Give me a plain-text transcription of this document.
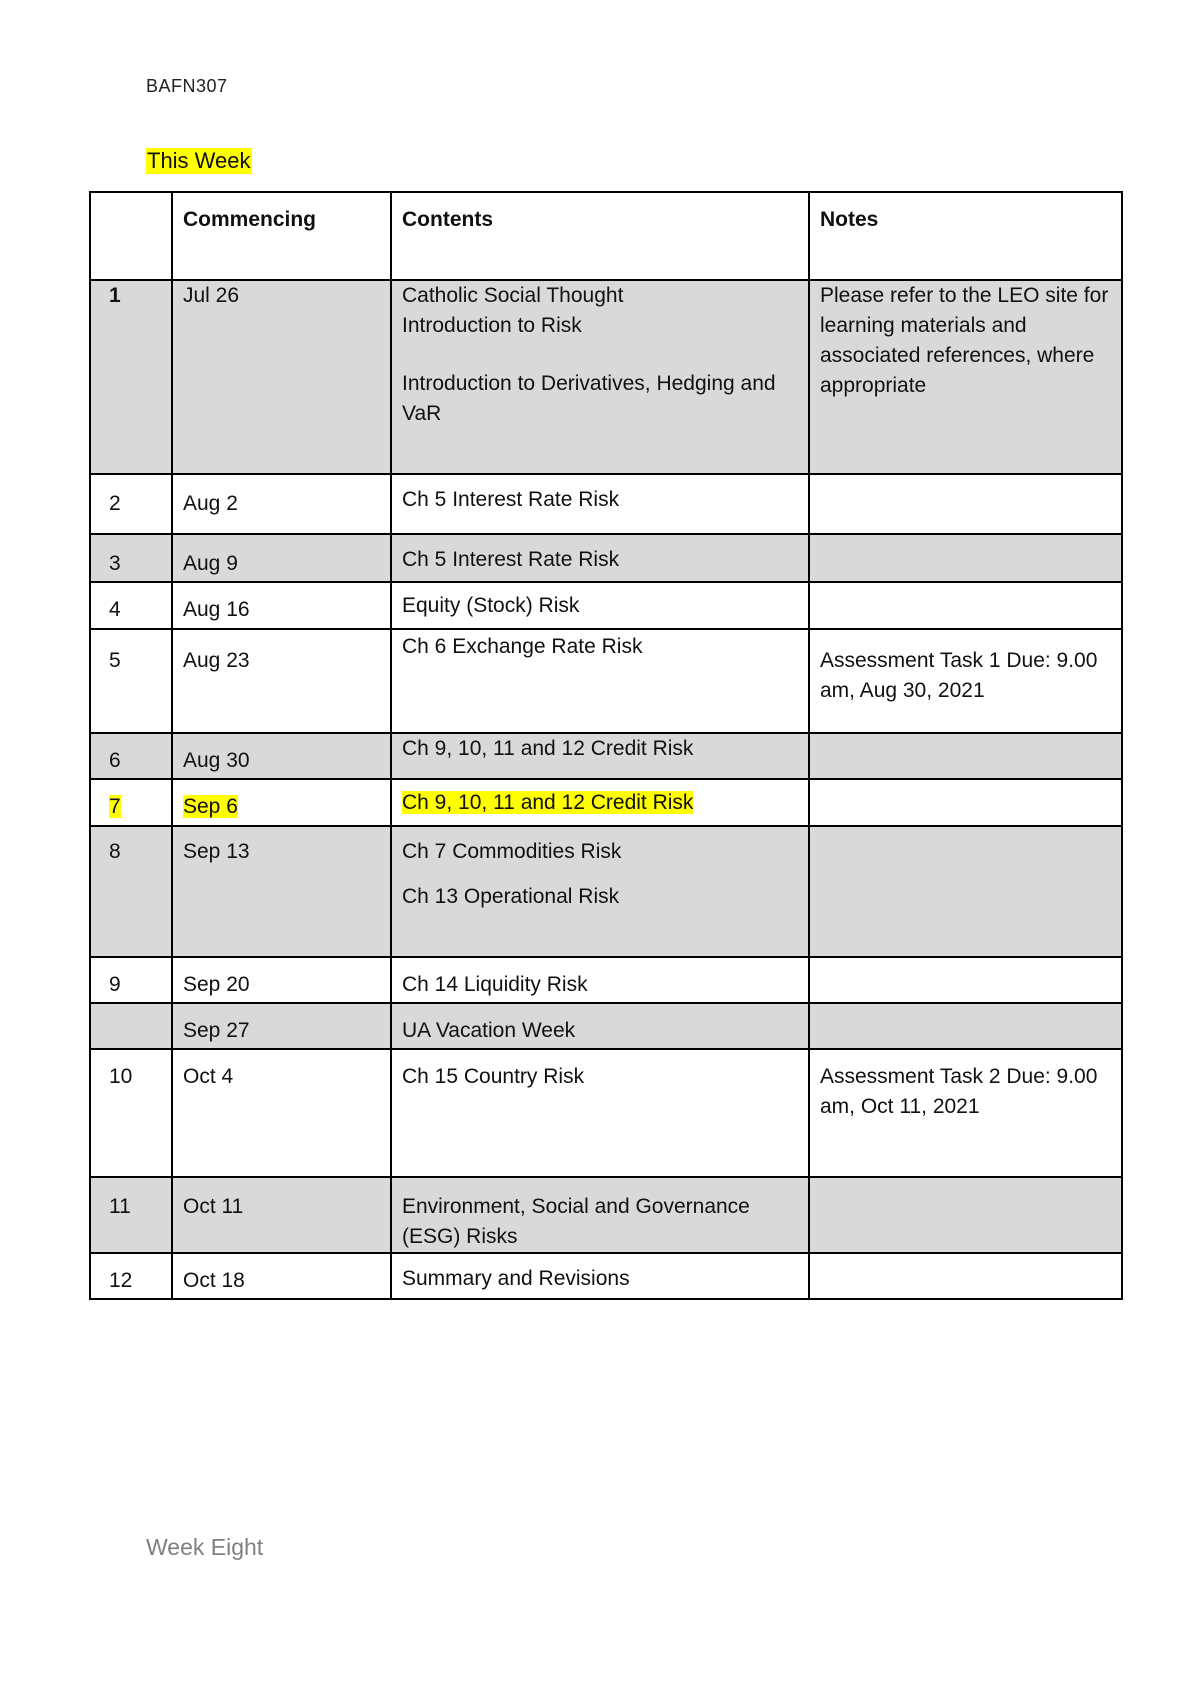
BAFN307
This Week
	Commencing	Contents	Notes
1	Jul 26	Catholic Social Thought
Introduction to Risk
Introduction to Derivatives, Hedging and VaR	Please refer to the LEO site for learning materials and associated references, where appropriate
2	Aug 2	Ch 5 Interest Rate Risk	
3	Aug 9	Ch 5 Interest Rate Risk	
4	Aug 16	Equity (Stock) Risk	
5	Aug 23	Ch 6 Exchange Rate Risk	Assessment Task 1 Due: 9.00 am, Aug 30, 2021
6	Aug 30	Ch 9, 10, 11 and 12 Credit Risk	
7	Sep 6	Ch 9, 10, 11 and 12 Credit Risk	
8	Sep 13	Ch 7 Commodities Risk
Ch 13 Operational Risk	

9	Sep 20	Ch 14 Liquidity Risk	
	Sep 27	UA Vacation Week	
10	Oct 4	Ch 15 Country Risk	Assessment Task 2 Due: 9.00 am, Oct 11, 2021
11	Oct 11	Environment, Social and Governance (ESG) Risks	
12	Oct 18	Summary and Revisions	
Week Eight
